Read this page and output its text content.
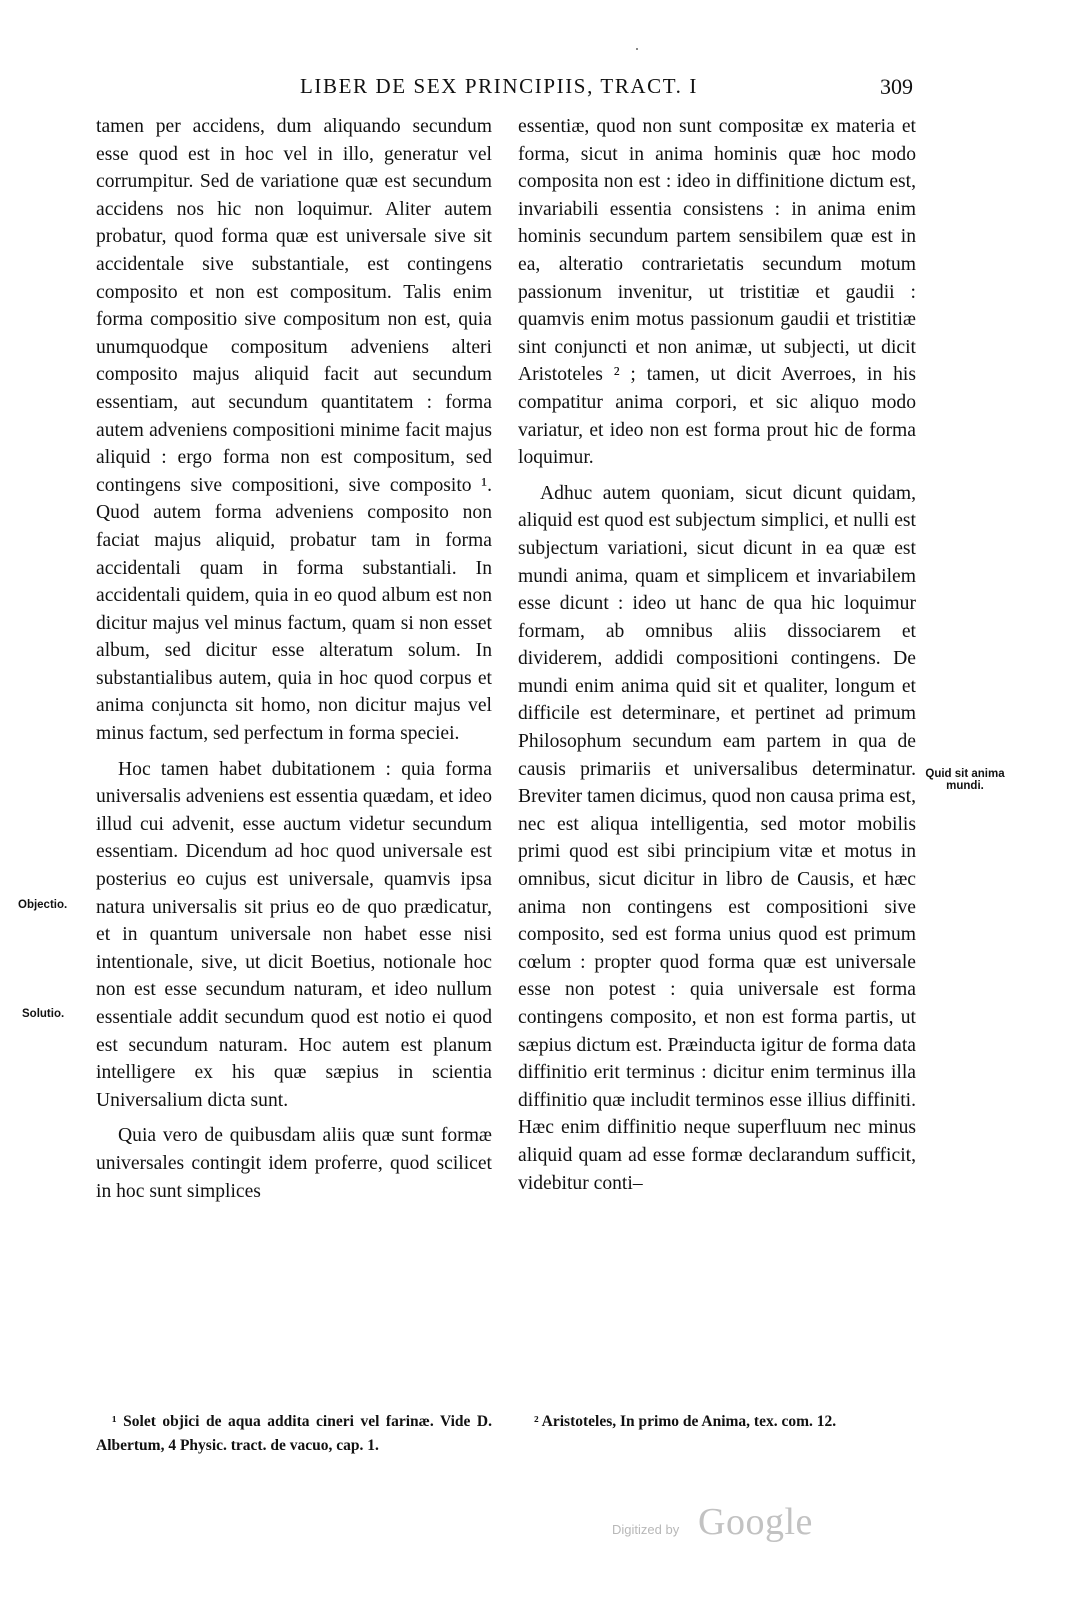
LIBER DE SEX PRINCIPIIS, TRACT. I	309

tamen per accidens, dum aliquando secundum esse quod est in hoc vel in illo, generatur vel corrumpitur. Sed de variatione quæ est secundum accidens nos hic non loquimur. Aliter autem probatur, quod forma quæ est universale sive sit accidentale sive substantiale, est contingens composito et non est compositum. Talis enim forma compositio sive compositum non est, quia unumquodque compositum adveniens alteri composito majus aliquid facit aut secundum essentiam, aut secundum quantitatem : forma autem adveniens compositioni minime facit majus aliquid : ergo forma non est compositum, sed contingens sive compositioni, sive composito ¹. Quod autem forma adveniens composito non faciat majus aliquid, probatur tam in forma accidentali quam in forma substantiali. In accidentali quidem, quia in eo quod album est non dicitur majus vel minus factum, quam si non esset album, sed dicitur esse alteratum solum. In substantialibus autem, quia in hoc quod corpus et anima conjuncta sit homo, non dicitur majus vel minus factum, sed perfectum in forma speciei.

Hoc tamen habet dubitationem : quia forma universalis adveniens est essentia quædam, et ideo illud cui advenit, esse auctum videtur secundum essentiam. Dicendum ad hoc quod universale est posterius eo cujus est universale, quamvis ipsa natura universalis sit prius eo de quo prædicatur, et in quantum universale non habet esse nisi intentionale, sive, ut dicit Boetius, notionale hoc non est esse secundum naturam, et ideo nullum essentiale addit secundum quod est notio ei quod est secundum naturam. Hoc autem est planum intelligere ex his quæ sæpius in scientia Universalium dicta sunt.

Quia vero de quibusdam aliis quæ sunt formæ universales contingit idem proferre, quod scilicet in hoc sunt simplices

essentiæ, quod non sunt compositæ ex materia et forma, sicut in anima hominis quæ hoc modo composita non est : ideo in diffinitione dictum est, invariabili essentia consistens : in anima enim hominis secundum partem sensibilem quæ est in ea, alteratio contrarietatis secundum motum passionum invenitur, ut tristitiæ et gaudii : quamvis enim motus passionum gaudii et tristitiæ sint conjuncti et non animæ, ut subjecti, ut dicit Aristoteles ² ; tamen, ut dicit Averroes, in his compatitur anima corpori, et sic aliquo modo variatur, et ideo non est forma prout hic de forma loquimur.

Adhuc autem quoniam, sicut dicunt quidam, aliquid est quod est subjectum simplici, et nulli est subjectum variationi, sicut dicunt in ea quæ est mundi anima, quam et simplicem et invariabilem esse dicunt : ideo ut hanc de qua hic loquimur formam, ab omnibus aliis dissociarem et dividerem, addidi compositioni contingens. De mundi enim anima quid sit et qualiter, longum et difficile est determinare, et pertinet ad primum Philosophum secundum eam partem in qua de causis primariis et universalibus determinatur. Breviter tamen dicimus, quod non causa prima est, nec est aliqua intelligentia, sed motor mobilis primi quod est sibi principium vitæ et motus in omnibus, sicut dicitur in libro de Causis, et hæc anima non contingens est compositioni sive composito, sed est forma unius quod est primum cœlum : propter quod forma quæ est universale esse non potest : quia universale est forma contingens composito, et non est forma partis, ut sæpius dictum est. Præinducta igitur de forma data diffinitio erit terminus : dicitur enim terminus illa diffinitio quæ includit terminos esse illius diffiniti. Hæc enim diffinitio neque superfluum nec minus aliquid quam ad esse formæ declarandum sufficit, videbitur conti–

Objectio.
Solutio.
Quid sit anima mundi.
¹ Solet objici de aqua addita cineri vel farinæ. Vide D. Albertum, 4 Physic. tract. de vacuo, cap. 1.
² Aristoteles, In primo de Anima, tex. com. 12.
Digitized by Google
